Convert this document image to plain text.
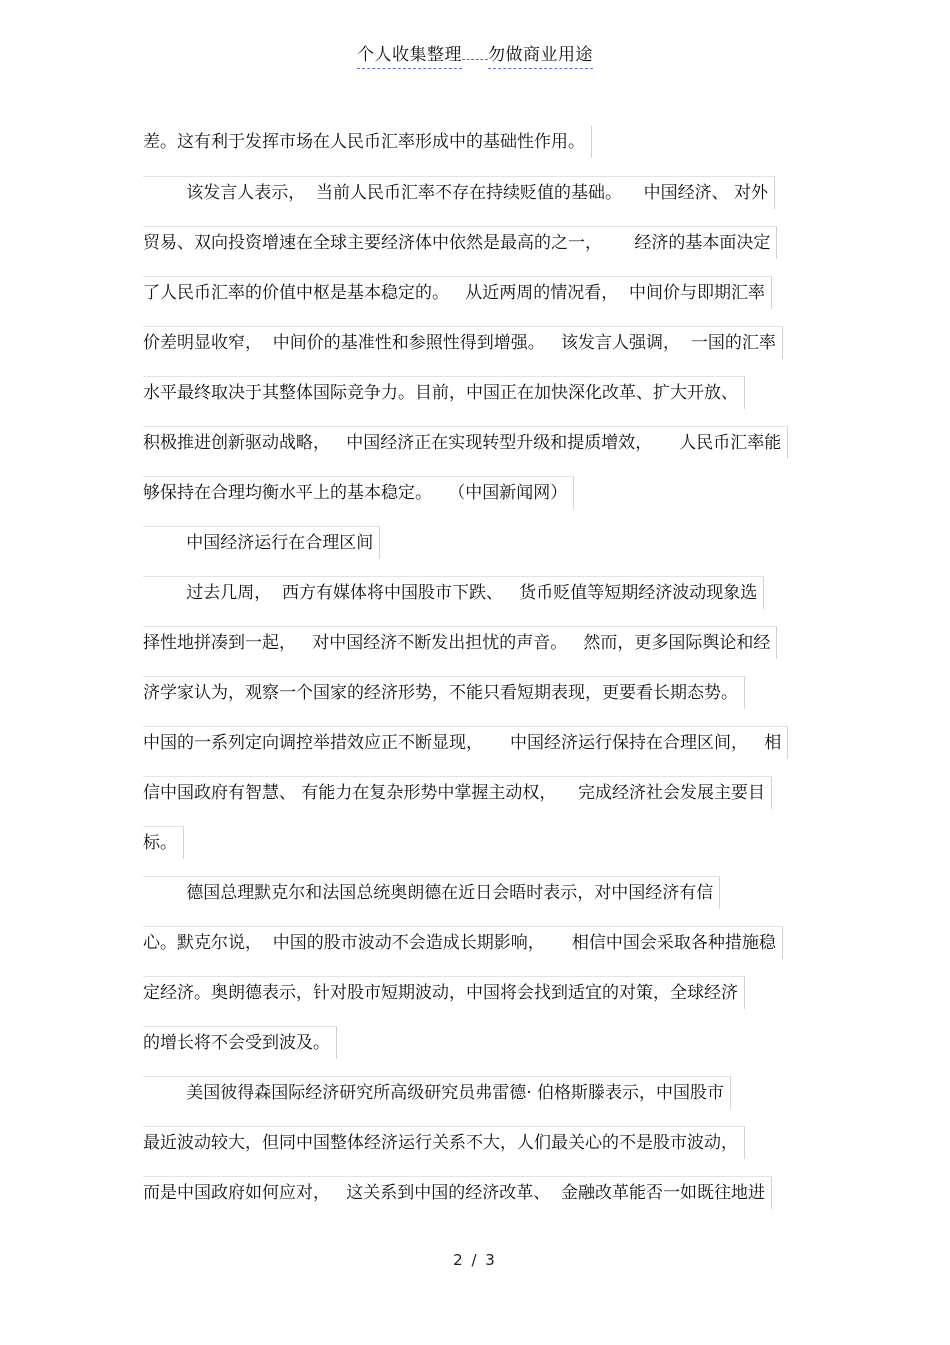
个人收集整理 勿做商业用途
差。这有利于发挥市场在人民币汇率形成中的基础性作用。
该发言人表示，  当前人民币汇率不存在持续贬值的基础。    中国经济、 对外
贸易、双向投资增速在全球主要经济体中依然是最高的之一，      经济的基本面决定
了人民币汇率的价值中枢是基本稳定的。   从近两周的情况看，  中间价与即期汇率
价差明显收窄，  中间价的基准性和参照性得到增强。   该发言人强调，  一国的汇率
水平最终取决于其整体国际竞争力。目前，中国正在加快深化改革、扩大开放、
积极推进创新驱动战略，   中国经济正在实现转型升级和提质增效，     人民币汇率能
够保持在合理均衡水平上的基本稳定。   （中国新闻网）
中国经济运行在合理区间
过去几周，  西方有媒体将中国股市下跌、   货币贬值等短期经济波动现象选
择性地拼凑到一起，   对中国经济不断发出担忧的声音。   然而，更多国际舆论和经
济学家认为，观察一个国家的经济形势，不能只看短期表现，更要看长期态势。
中国的一系列定向调控举措效应正不断显现，     中国经济运行保持在合理区间，   相
信中国政府有智慧、 有能力在复杂形势中掌握主动权，    完成经济社会发展主要目
标。
德国总理默克尔和法国总统奥朗德在近日会晤时表示，对中国经济有信
心。默克尔说，  中国的股市波动不会造成长期影响，     相信中国会采取各种措施稳
定经济。奥朗德表示，针对股市短期波动，中国将会找到适宜的对策，全球经济
的增长将不会受到波及。
美国彼得森国际经济研究所高级研究员弗雷德· 伯格斯滕表示，中国股市
最近波动较大，但同中国整体经济运行关系不大，人们最关心的不是股市波动，
而是中国政府如何应对，   这关系到中国的经济改革、  金融改革能否一如既往地进
2 / 3
